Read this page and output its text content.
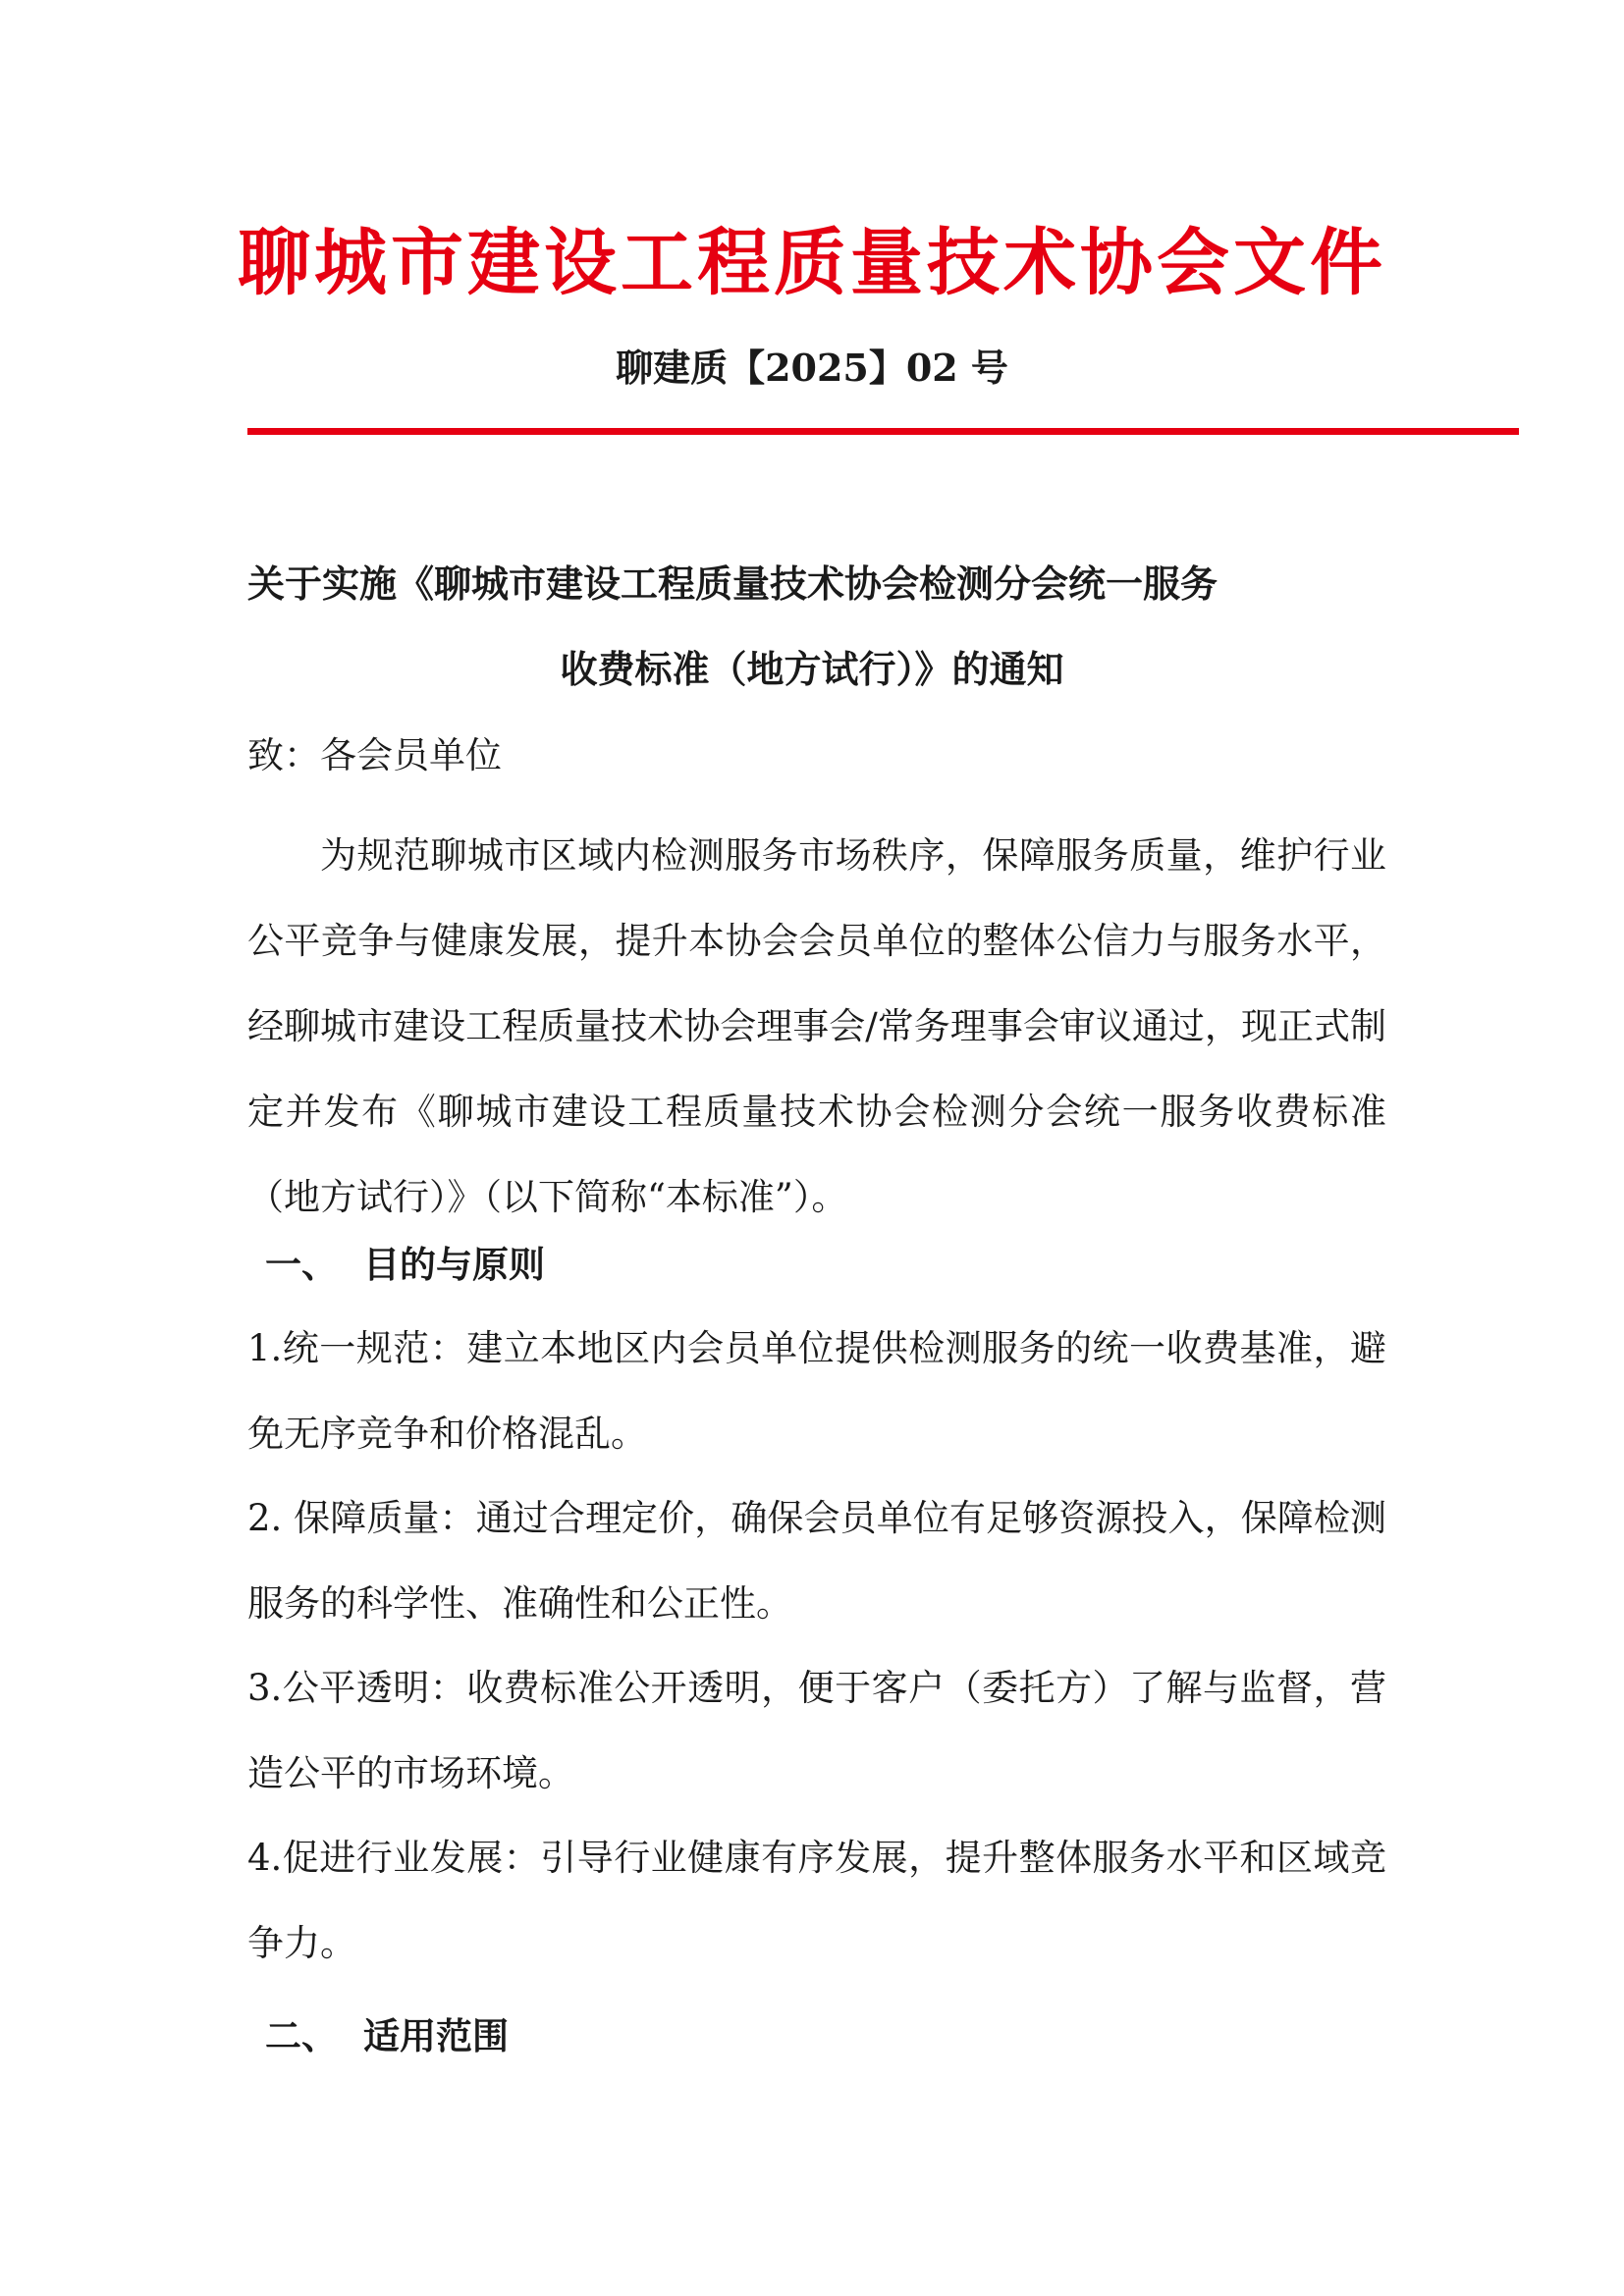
聊城市建设工程质量技术协会文件
聊建质【2025】02 号
关于实施《聊城市建设工程质量技术协会检测分会统一服务
收费标准（地方试行）》的通知
致：各会员单位
为规范聊城市区域内检测服务市场秩序，保障服务质量，维护行业公平竞争与健康发展，提升本协会会员单位的整体公信力与服务水平，经聊城市建设工程质量技术协会理事会/常务理事会审议通过，现正式制定并发布《聊城市建设工程质量技术协会检测分会统一服务收费标准（地方试行）》（以下简称“本标准”）。
一、 目的与原则
1.统一规范：建立本地区内会员单位提供检测服务的统一收费基准，避免无序竞争和价格混乱。
2. 保障质量：通过合理定价，确保会员单位有足够资源投入，保障检测服务的科学性、准确性和公正性。
3.公平透明：收费标准公开透明，便于客户（委托方）了解与监督，营造公平的市场环境。
4.促进行业发展：引导行业健康有序发展，提升整体服务水平和区域竞争力。
二、 适用范围
